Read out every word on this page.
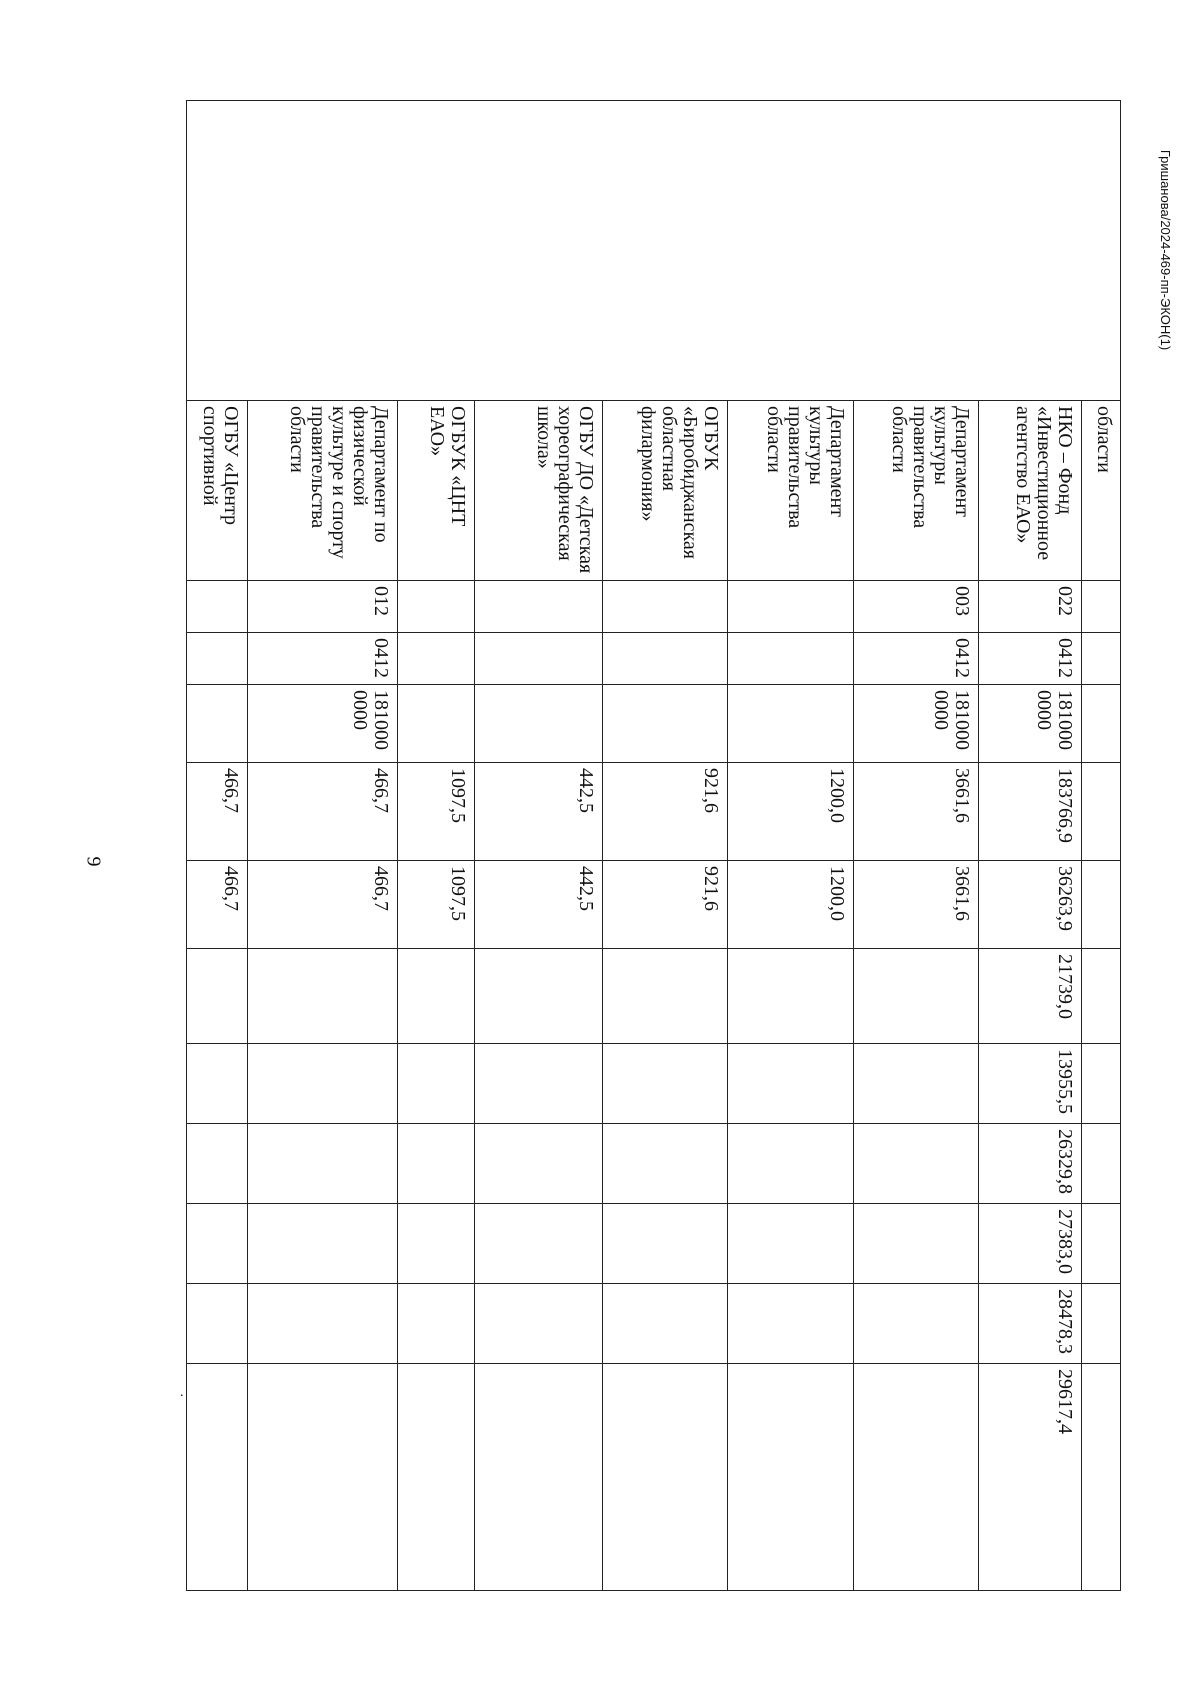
9
.
Гришанова/2024-469-пп-ЭКОН(1)
	области											
	НКО – Фонд «Инвестиционное агентство ЕАО»	022	0412	181000 0000	183766,9	36263,9	21739,0	13955,5	26329,8	27383,0	28478,3	29617,4
	Департамент культуры правительства области	003	0412	181000 0000	3661,6	3661,6						
	Департамент культуры правительства области				1200,0	1200,0						
	ОГБУК «Биробиджанская областная филармония»				921,6	921,6						
	ОГБУ ДО «Детская хореографическая школа»				442,5	442,5						
	ОГБУК «ЦНТ ЕАО»				1097,5	1097,5						
	Департамент по физической культуре и спорту правительства области	012	0412	181000 0000	466,7	466,7						
	ОГБУ «Центр спортивной				466,7	466,7						
